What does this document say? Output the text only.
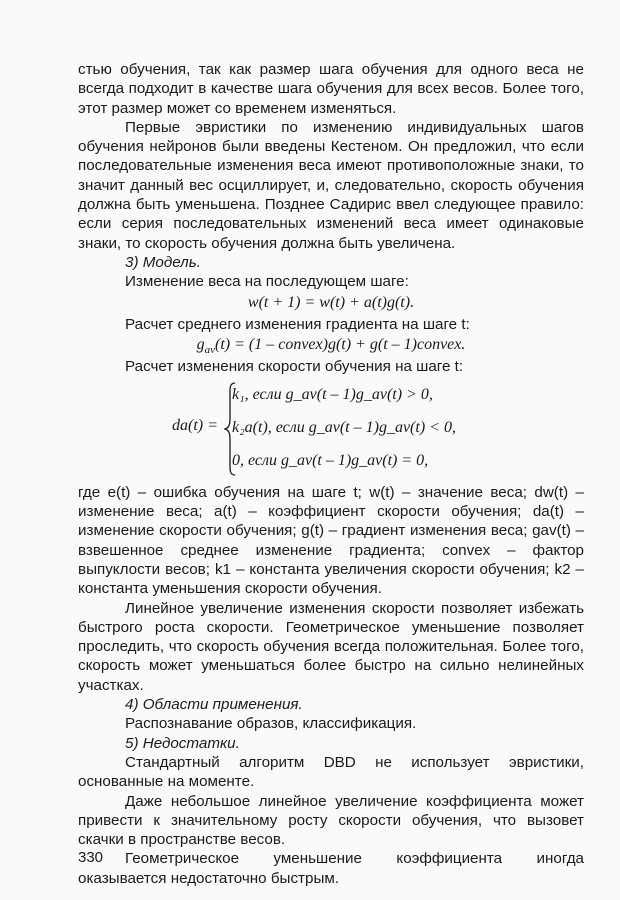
стью обучения, так как размер шага обучения для одного веса не всегда подходит в качестве шага обучения для всех весов. Более того, этот размер может со временем изменяться.

Первые эвристики по изменению индивидуальных шагов обучения нейронов были введены Кестеном. Он предложил, что если последовательные изменения веса имеют противоположные знаки, то значит данный вес осциллирует, и, следовательно, скорость обучения должна быть уменьшена. Позднее Садирис ввел следующее правило: если серия последовательных изменений веса имеет одинаковые знаки, то скорость обучения должна быть увеличена.

3) Модель.

Изменение веса на последующем шаге:

w(t + 1) = w(t) + a(t)g(t).

Расчет среднего изменения градиента на шаге t:

$g_{av}(t) = (1$ – convex)g(t) + g(t – 1)convex.

Расчет изменения скорости обучения на шаге t:

da(t) =
k₁, если g_av(t – 1)g_av(t) > 0,
k₂a(t), если g_av(t – 1)g_av(t) < 0,
0, если g_av(t – 1)g_av(t) = 0,

где e(t) – ошибка обучения на шаге t; w(t) – значение веса; dw(t) – изменение веса; a(t) – коэффициент скорости обучения; da(t) – изменение скорости обучения; g(t) – градиент изменения веса; gav(t) – взвешенное среднее изменение градиента; convex – фактор выпуклости весов; k1 – константа увеличения скорости обучения; k2 – константа уменьшения скорости обучения.

Линейное увеличение изменения скорости позволяет избежать быстрого роста скорости. Геометрическое уменьшение позволяет проследить, что скорость обучения всегда положительная. Более того, скорость может уменьшаться более быстро на сильно нелинейных участках.

4) Области применения.

Распознавание образов, классификация.

5) Недостатки.

Стандартный алгоритм DBD не использует эвристики, основанные на моменте.

Даже небольшое линейное увеличение коэффициента может привести к значительному росту скорости обучения, что вызовет скачки в пространстве весов.

Геометрическое уменьшение коэффициента иногда оказывается недостаточно быстрым.

330
